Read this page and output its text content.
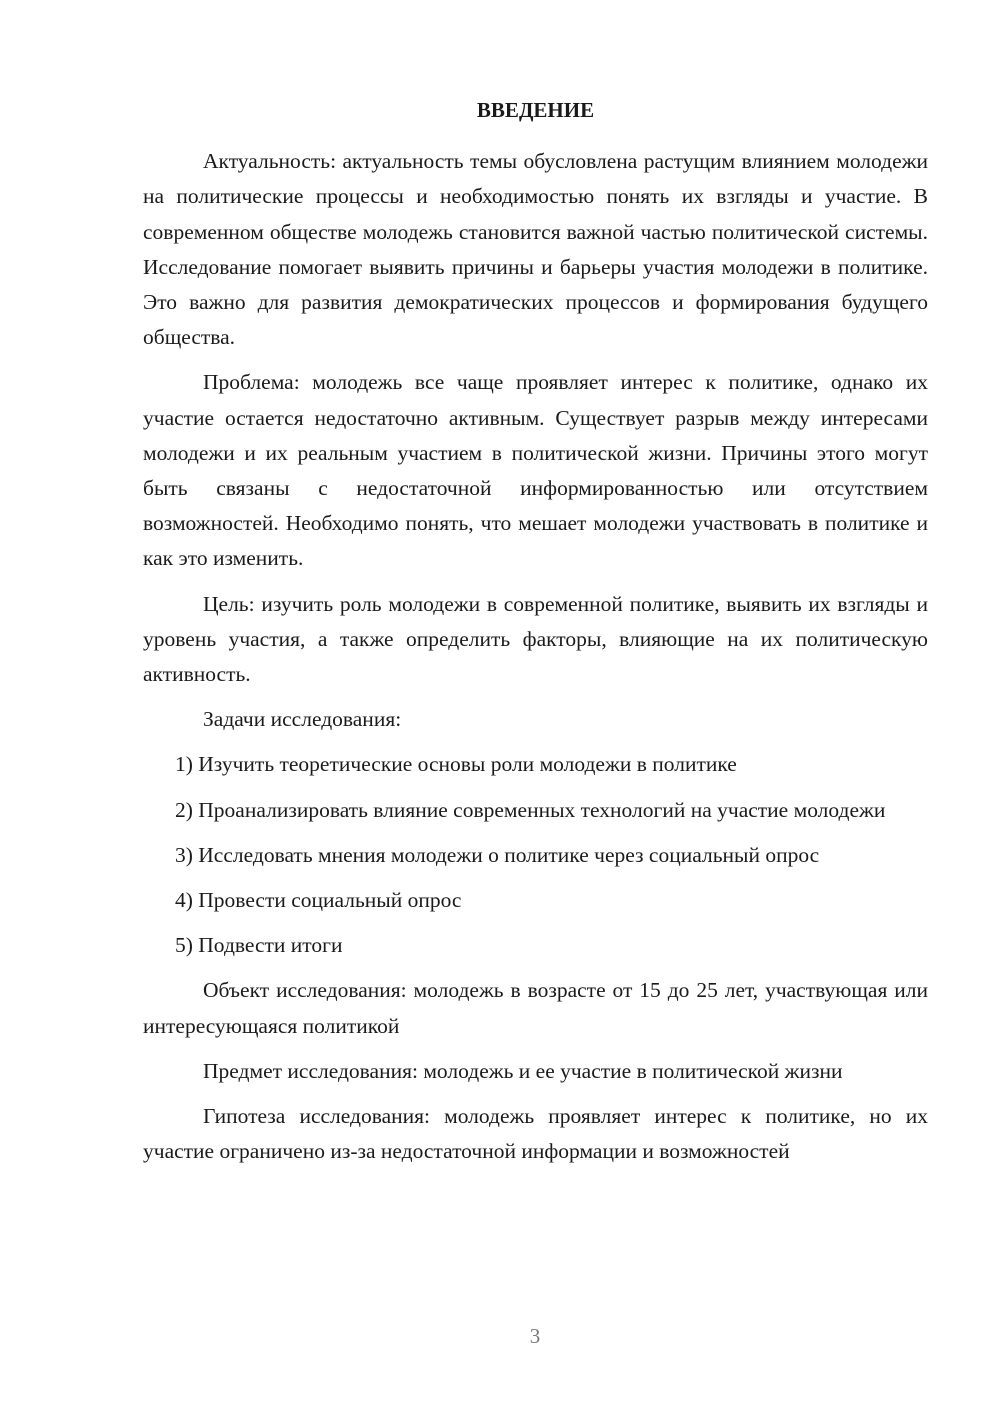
ВВЕДЕНИЕ

Актуальность: актуальность темы обусловлена растущим влиянием молодежи на политические процессы и необходимостью понять их взгляды и участие. В современном обществе молодежь становится важной частью политической системы. Исследование помогает выявить причины и барьеры участия молодежи в политике. Это важно для развития демократических процессов и формирования будущего общества.

Проблема: молодежь все чаще проявляет интерес к политике, однако их участие остается недостаточно активным. Существует разрыв между интересами молодежи и их реальным участием в политической жизни. Причины этого могут быть связаны с недостаточной информированностью или отсутствием возможностей. Необходимо понять, что мешает молодежи участвовать в политике и как это изменить.

Цель: изучить роль молодежи в современной политике, выявить их взгляды и уровень участия, а также определить факторы, влияющие на их политическую активность.

Задачи исследования:

1) Изучить теоретические основы роли молодежи в политике

2) Проанализировать влияние современных технологий на участие молодежи

3) Исследовать мнения молодежи о политике через социальный опрос

4) Провести социальный опрос

5) Подвести итоги

Объект исследования: молодежь в возрасте от 15 до 25 лет, участвующая или интересующаяся политикой

Предмет исследования: молодежь и ее участие в политической жизни

Гипотеза исследования: молодежь проявляет интерес к политике, но их участие ограничено из-за недостаточной информации и возможностей

3
